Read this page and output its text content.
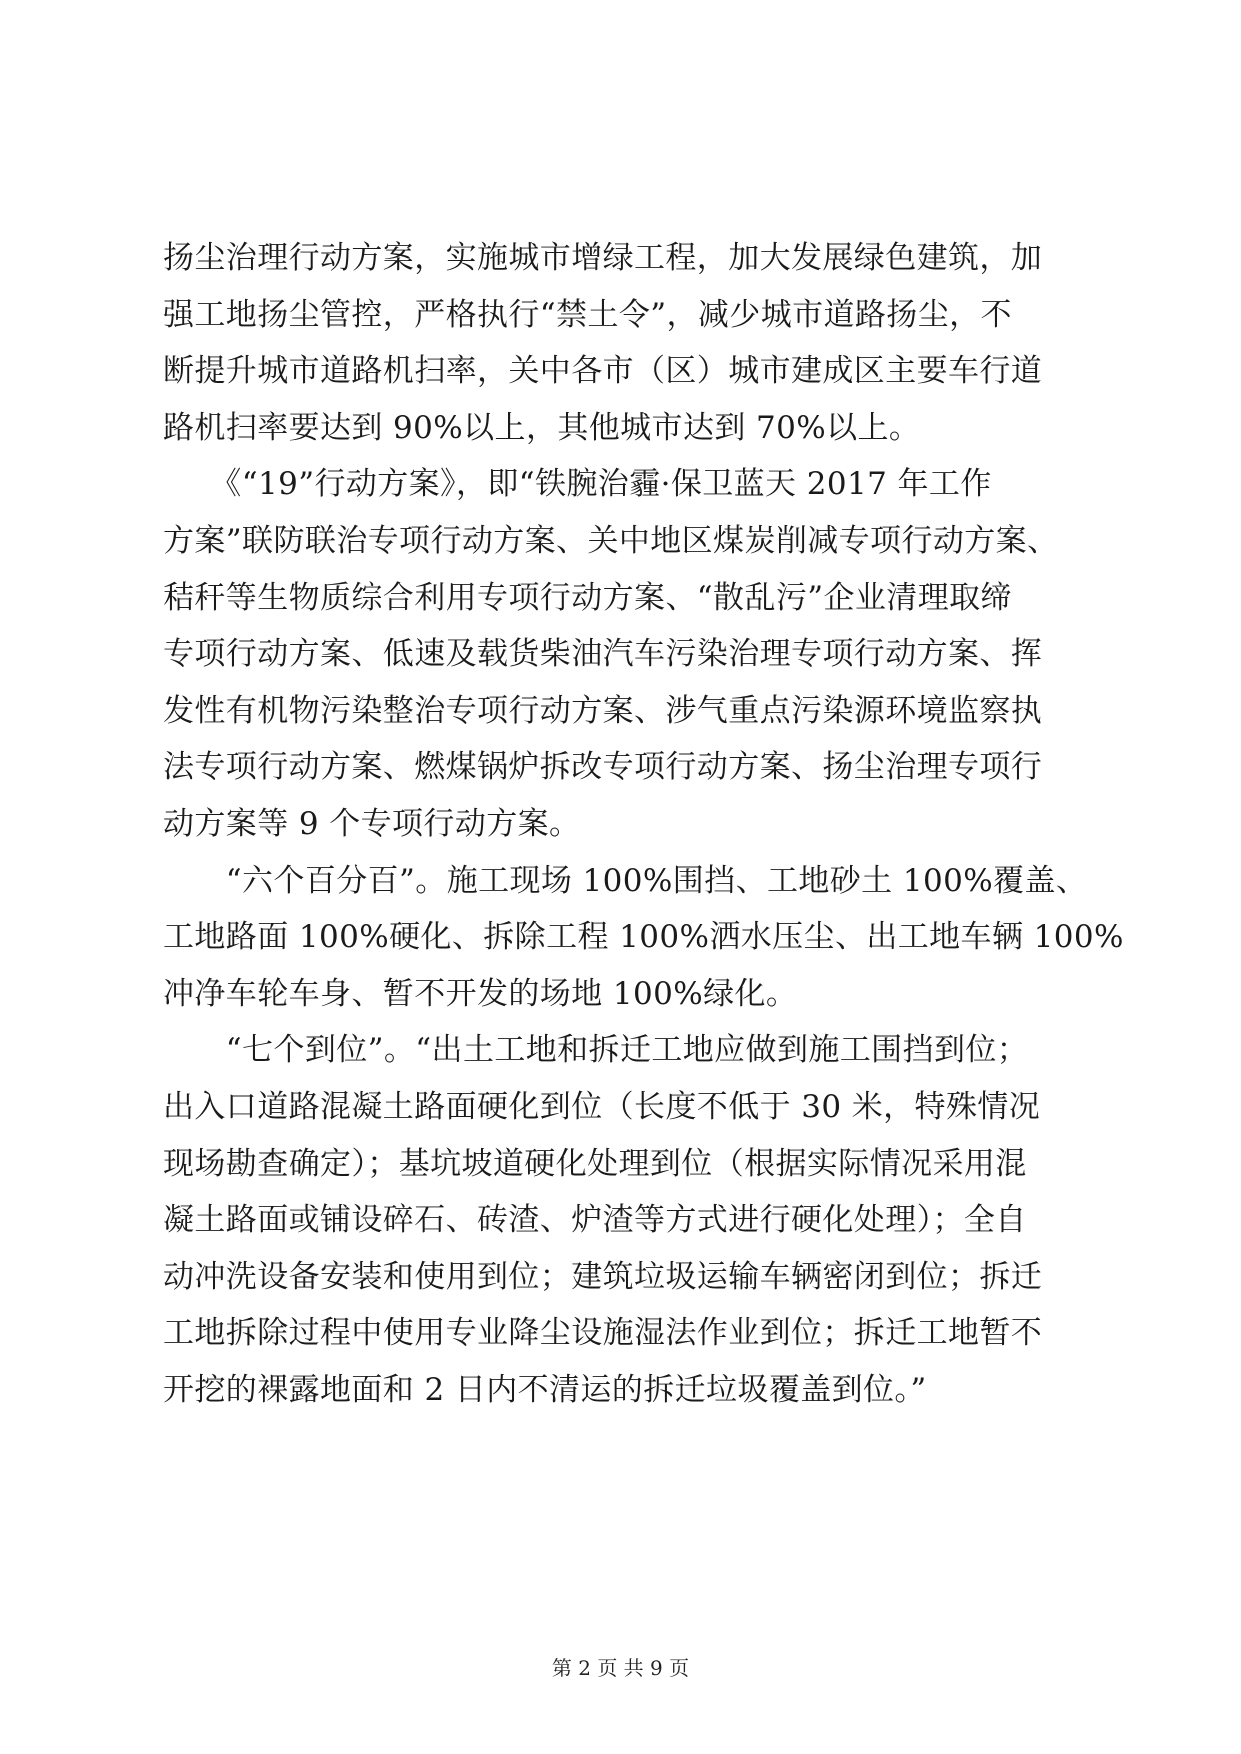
扬尘治理行动方案，实施城市增绿工程，加大发展绿色建筑，加
强工地扬尘管控，严格执行“禁土令”，减少城市道路扬尘，不
断提升城市道路机扫率，关中各市（区）城市建成区主要车行道
路机扫率要达到 90%以上，其他城市达到 70%以上。
　　《“19”行动方案》，即“铁腕治霾·保卫蓝天 2017 年工作
方案”联防联治专项行动方案、关中地区煤炭削减专项行动方案、
秸秆等生物质综合利用专项行动方案、“散乱污”企业清理取缔
专项行动方案、低速及载货柴油汽车污染治理专项行动方案、挥
发性有机物污染整治专项行动方案、涉气重点污染源环境监察执
法专项行动方案、燃煤锅炉拆改专项行动方案、扬尘治理专项行
动方案等 9 个专项行动方案。
　　“六个百分百”。施工现场 100%围挡、工地砂土 100%覆盖、
工地路面 100%硬化、拆除工程 100%洒水压尘、出工地车辆 100%
冲净车轮车身、暂不开发的场地 100%绿化。
　　“七个到位”。“出土工地和拆迁工地应做到施工围挡到位；
出入口道路混凝土路面硬化到位（长度不低于 30 米，特殊情况
现场勘查确定）；基坑坡道硬化处理到位（根据实际情况采用混
凝土路面或铺设碎石、砖渣、炉渣等方式进行硬化处理）；全自
动冲洗设备安装和使用到位；建筑垃圾运输车辆密闭到位；拆迁
工地拆除过程中使用专业降尘设施湿法作业到位；拆迁工地暂不
开挖的裸露地面和 2 日内不清运的拆迁垃圾覆盖到位。”
第 2 页 共 9 页
